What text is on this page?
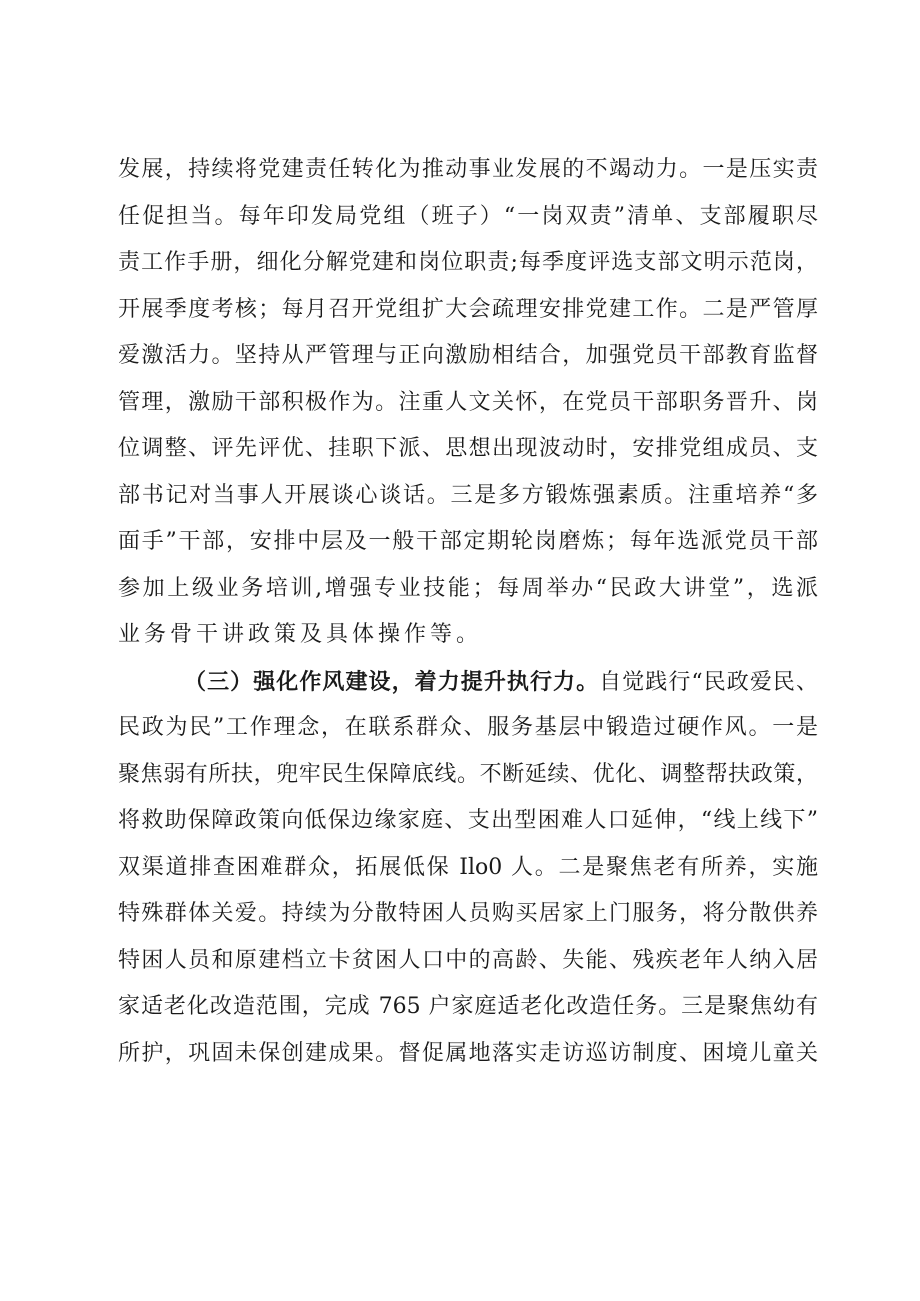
发展，持续将党建责任转化为推动事业发展的不竭动力。一是压实责
任促担当。每年印发局党组（班子）“一岗双责”清单、支部履职尽
责工作手册，细化分解党建和岗位职责;每季度评选支部文明示范岗，
开展季度考核；每月召开党组扩大会疏理安排党建工作。二是严管厚
爱激活力。坚持从严管理与正向激励相结合，加强党员干部教育监督
管理，激励干部积极作为。注重人文关怀，在党员干部职务晋升、岗
位调整、评先评优、挂职下派、思想出现波动时，安排党组成员、支
部书记对当事人开展谈心谈话。三是多方锻炼强素质。注重培养“多
面手”干部，安排中层及一般干部定期轮岗磨炼；每年选派党员干部
参加上级业务培训,增强专业技能；每周举办“民政大讲堂”，选派
业务骨干讲政策及具体操作等。
（三）强化作风建设，着力提升执行力。自觉践行“民政爱民、
民政为民”工作理念，在联系群众、服务基层中锻造过硬作风。一是
聚焦弱有所扶，兜牢民生保障底线。不断延续、优化、调整帮扶政策，
将救助保障政策向低保边缘家庭、支出型困难人口延伸，“线上线下”
双渠道排查困难群众，拓展低保 Ilo0 人。二是聚焦老有所养，实施
特殊群体关爱。持续为分散特困人员购买居家上门服务，将分散供养
特困人员和原建档立卡贫困人口中的高龄、失能、残疾老年人纳入居
家适老化改造范围，完成 765 户家庭适老化改造任务。三是聚焦幼有
所护，巩固未保创建成果。督促属地落实走访巡访制度、困境儿童关
